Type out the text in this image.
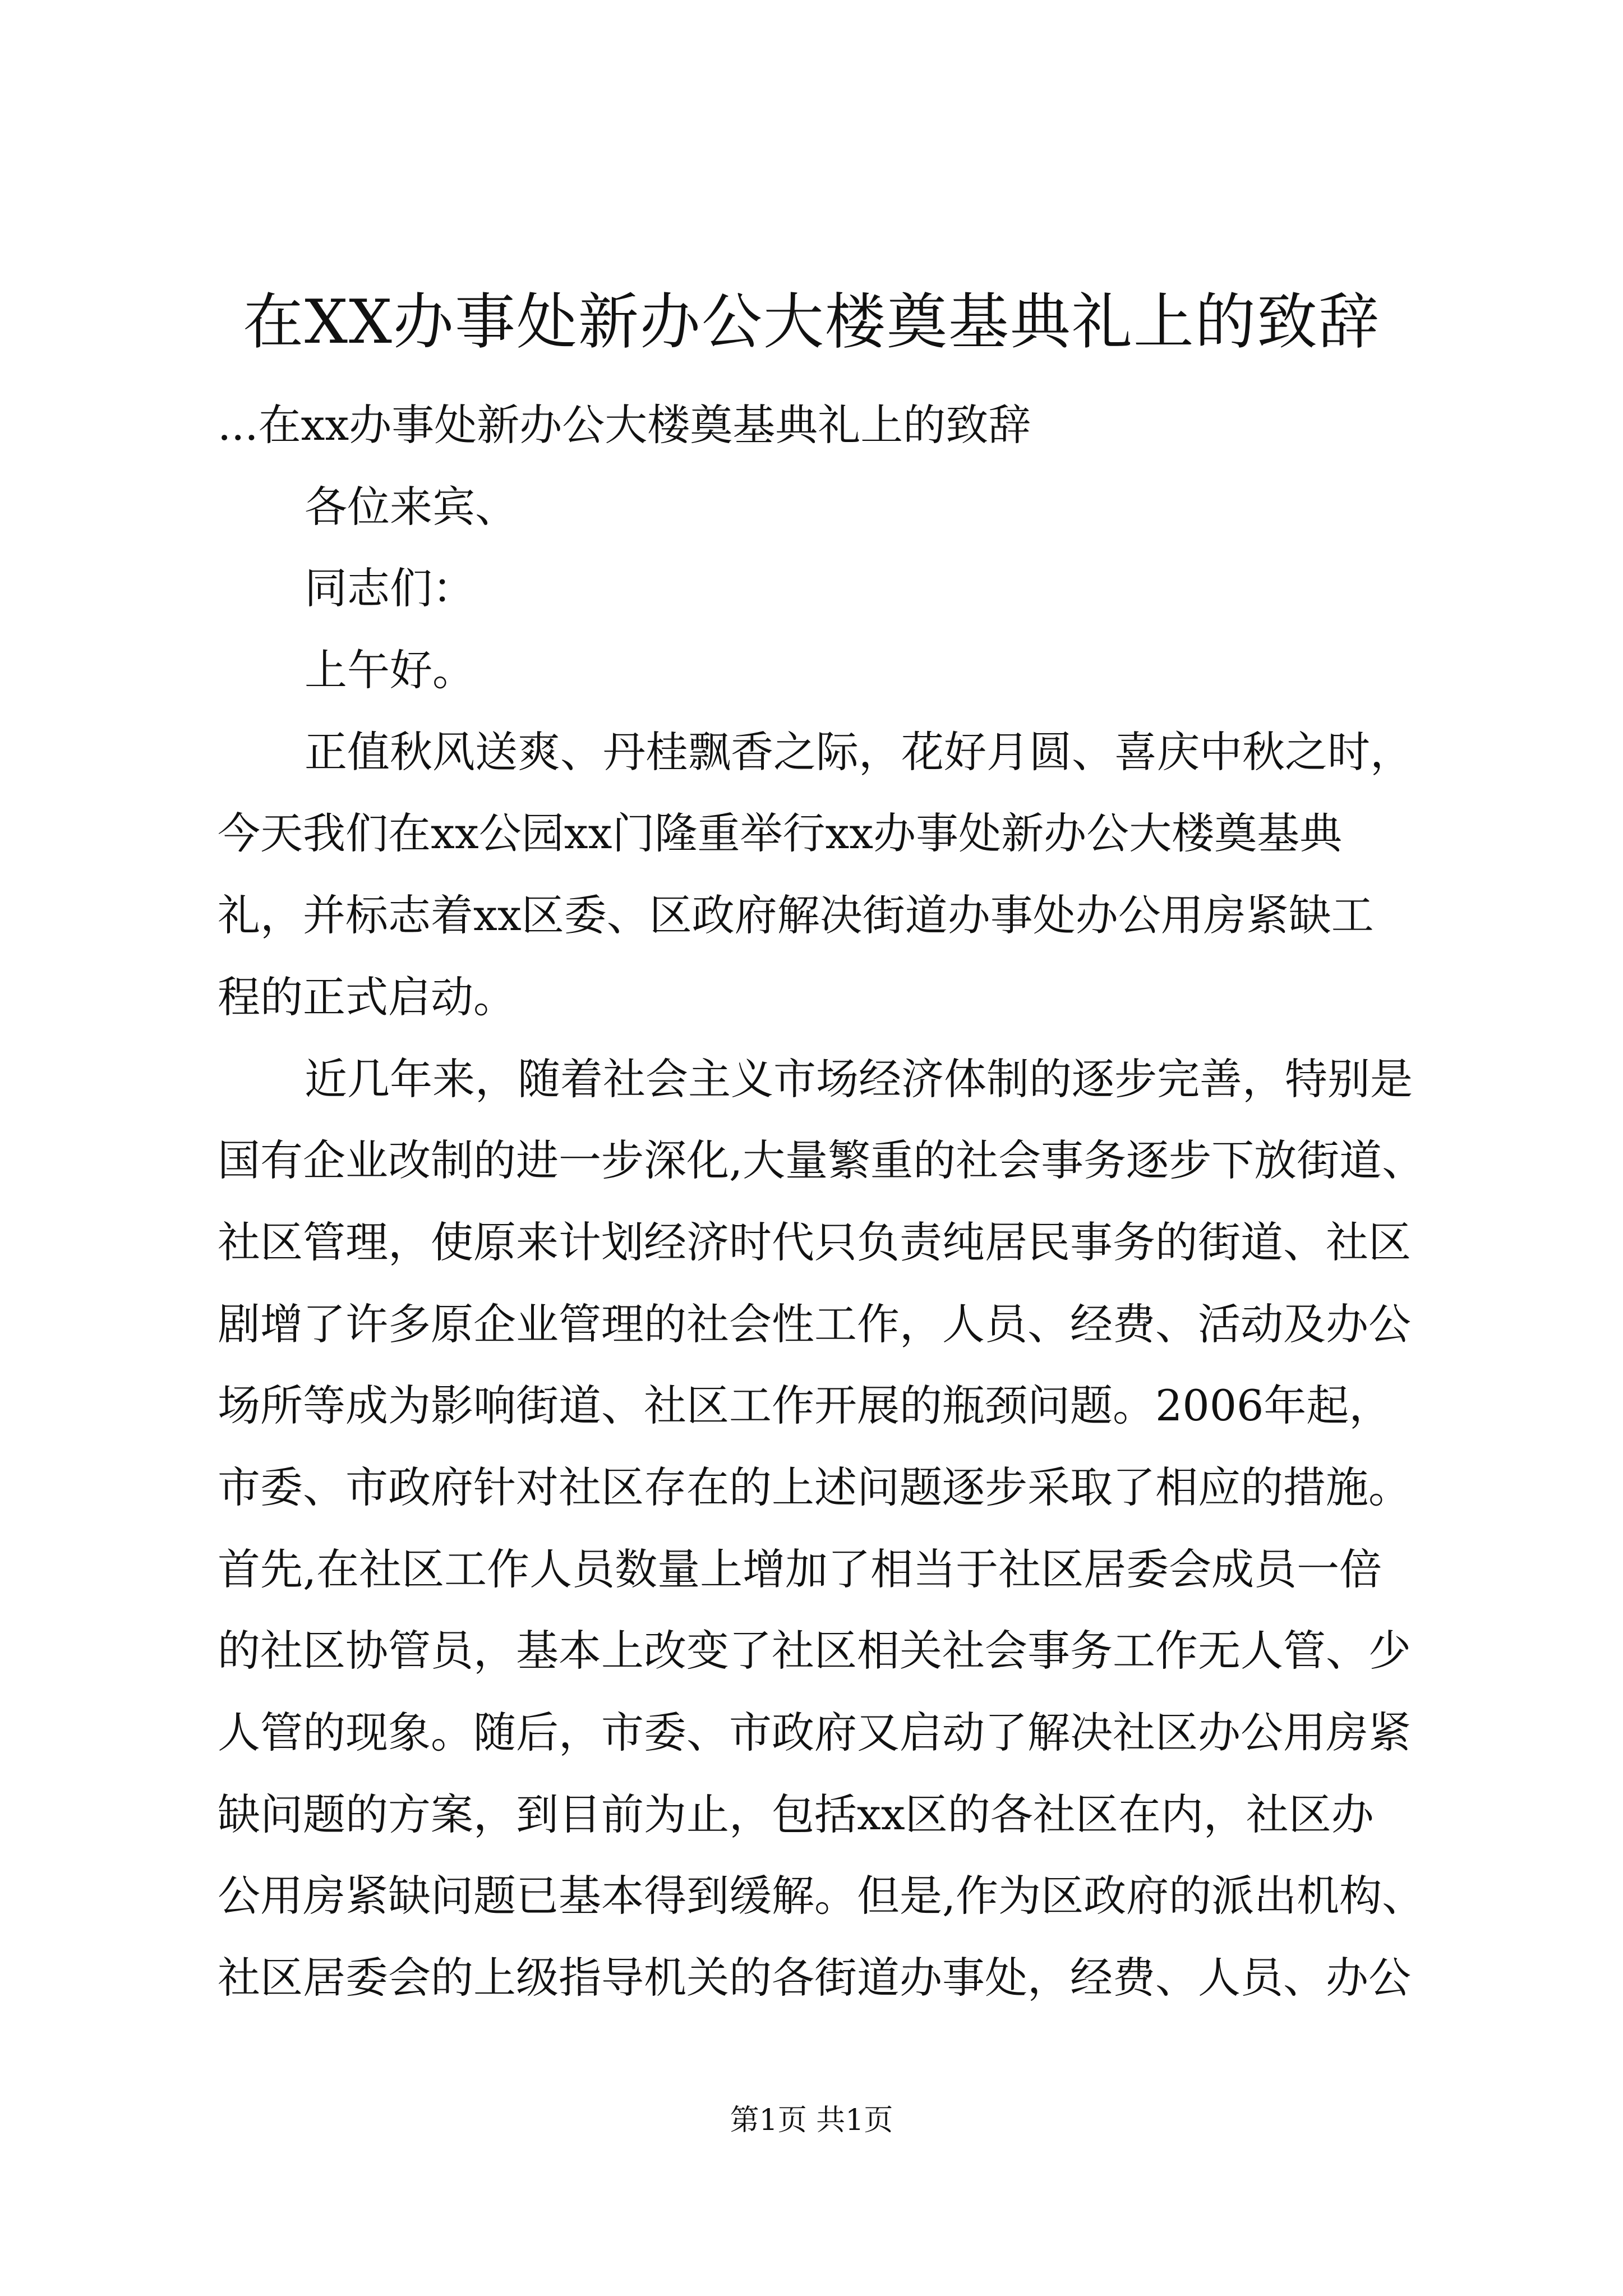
在XX办事处新办公大楼奠基典礼上的致辞
...在xx办事处新办公大楼奠基典礼上的致辞
各位来宾、
同志们：
上午好。
正值秋风送爽、丹桂飘香之际，花好月圆、喜庆中秋之时，
今天我们在xx公园xx门隆重举行xx办事处新办公大楼奠基典
礼，并标志着xx区委、区政府解决街道办事处办公用房紧缺工
程的正式启动。
近几年来，随着社会主义市场经济体制的逐步完善，特别是
国有企业改制的进一步深化,大量繁重的社会事务逐步下放街道、
社区管理，使原来计划经济时代只负责纯居民事务的街道、社区
剧增了许多原企业管理的社会性工作，人员、经费、活动及办公
场所等成为影响街道、社区工作开展的瓶颈问题。2006年起，
市委、市政府针对社区存在的上述问题逐步采取了相应的措施。
首先,在社区工作人员数量上增加了相当于社区居委会成员一倍
的社区协管员，基本上改变了社区相关社会事务工作无人管、少
人管的现象。随后，市委、市政府又启动了解决社区办公用房紧
缺问题的方案，到目前为止，包括xx区的各社区在内，社区办
公用房紧缺问题已基本得到缓解。但是,作为区政府的派出机构、
社区居委会的上级指导机关的各街道办事处，经费、人员、办公
第1页 共1页
